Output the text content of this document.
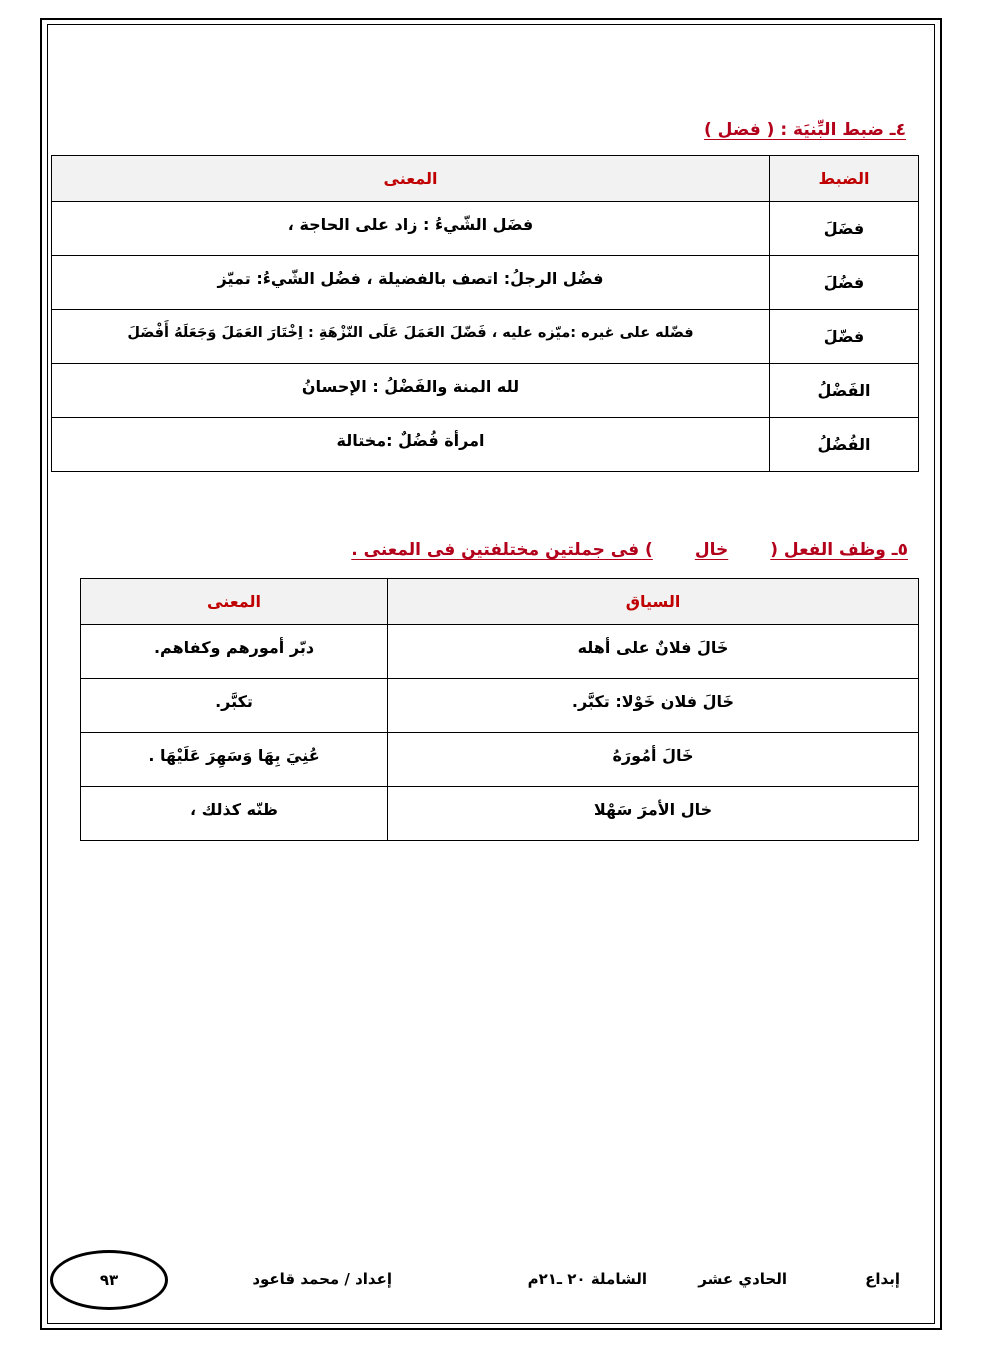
٤ـ ضبط البِّنيَة : ( فضل )
الضبط	المعنى
فضَلَ	فضَل الشّيءُ : زاد على الحاجة ،
فضُلَ	فضُل الرجلُ: اتصف بالفضيلة ، فضُل الشّيءُ: تميّز
فضّلَ	فضّله على غيره :ميّزه عليه ، فَضّلَ العَمَلَ عَلَى النّزْهَةِ : اِخْتَارَ العَمَلَ وَجَعَلَهُ أَفْضَلَ
الفَضْلُ	لله المنة والفَضْلُ : الإحسانُ
الفُضُلُ	امرأة فُضُلٌ :مختالة
٥ـ وظف الفعل (خال) فى جملتين مختلفتين فى المعنى .
السياق	المعنى
خَالَ فلانٌ على أهله	دبّر أمورهم وكفاهم.
خَالَ فلان خَوْلا: تكبَّر.	تكبَّر.
خَالَ أمُورَهُ	عُنِيَ بِهَا وَسَهِرَ عَلَيْهَا .
خال الأمرَ سَهْلا	ظنّه كذلك ،
إبداع
الحادي عشر
الشاملة ٢٠ ـ٢١م
إعداد / محمد قاعود
٩٣
